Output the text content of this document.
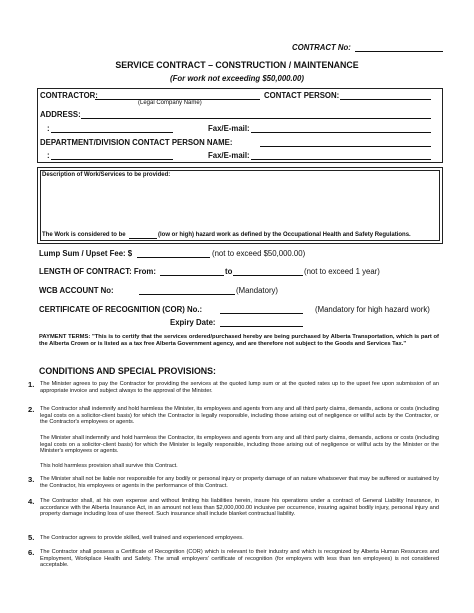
CONTRACT No:
SERVICE CONTRACT – CONSTRUCTION / MAINTENANCE
(For work not exceeding $50,000.00)
CONTRACTOR:
(Legal Company Name)
CONTACT PERSON:
ADDRESS:
:	Fax/E-mail:
DEPARTMENT/DIVISION CONTACT PERSON NAME:
:	Fax/E-mail:
Description of Work/Services to be provided:
The Work is considered to be	(low or high) hazard work as defined by the Occupational Health and Safety Regulations.
Lump Sum / Upset Fee: $	(not to exceed $50,000.00)
LENGTH OF CONTRACT: From:	to	(not to exceed 1 year)
WCB ACCOUNT No:	(Mandatory)
CERTIFICATE OF RECOGNITION (COR) No.:	(Mandatory for high hazard work)
Expiry Date:
PAYMENT TERMS: "This is to certify that the services ordered/purchased hereby are being purchased by Alberta Transportation, which is part of the Alberta Crown or is listed as a tax free Alberta Government agency, and are therefore not subject to the Goods and Services Tax."
CONDITIONS AND SPECIAL PROVISIONS:
1. The Minister agrees to pay the Contractor for providing the services at the quoted lump sum or at the quoted rates up to the upset fee upon submission of an appropriate invoice and subject always to the approval of the Minister.
2. The Contractor shall indemnify and hold harmless the Minister, its employees and agents from any and all third party claims, demands, actions or costs (including legal costs on a solicitor-client basis) for which the Contractor is legally responsible, including those arising out of negligence or willful acts by the Contractor, or the Contractor's employees or agents.
The Minister shall indemnify and hold harmless the Contractor, its employees and agents from any and all third party claims, demands, actions or costs (including legal costs on a solicitor-client basis) for which the Minister is legally responsible, including those arising out of negligence or willful acts by the Minister or the Minister's employees or agents.
This hold harmless provision shall survive this Contract.
3. The Minister shall not be liable nor responsible for any bodily or personal injury or property damage of an nature whatsoever that may be suffered or sustained by the Contractor, his employees or agents in the performance of this Contract.
4. The Contractor shall, at his own expense and without limiting his liabilities herein, insure his operations under a contract of General Liability Insurance, in accordance with the Alberta Insurance Act, in an amount not less than $2,000,000.00 inclusive per occurrence, insuring against bodily injury, personal injury and property damage including loss of use thereof. Such insurance shall include blanket contractual liability.
5. The Contractor agrees to provide skilled, well trained and experienced employees.
6. The Contractor shall possess a Certificate of Recognition (COR) which is relevant to their industry and which is recognized by Alberta Human Resources and Employment, Workplace Health and Safety. The small employers' certificate of recognition (for employers with less than ten employees) is not considered acceptable.
